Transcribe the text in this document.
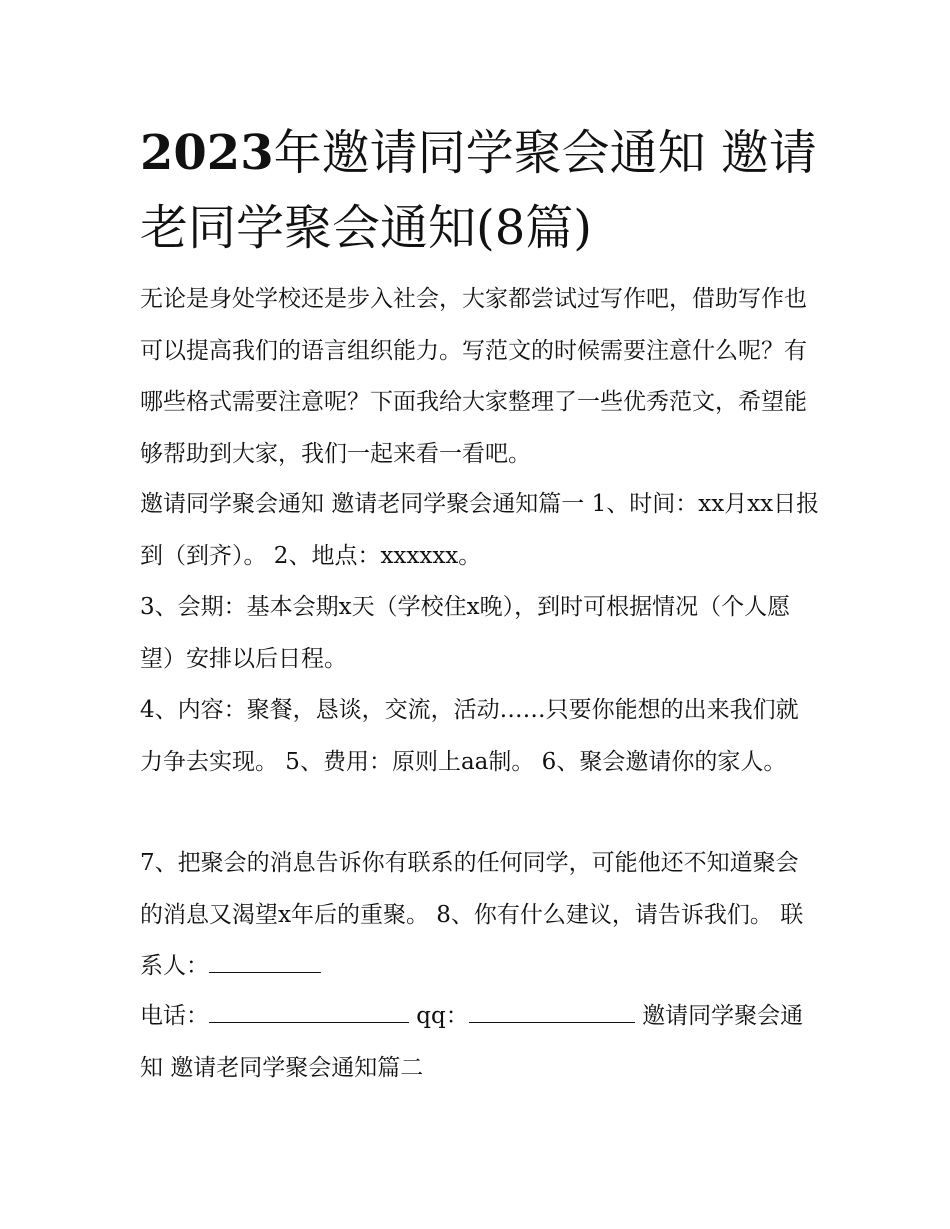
2023年邀请同学聚会通知 邀请老同学聚会通知(8篇)

无论是身处学校还是步入社会，大家都尝试过写作吧，借助写作也可以提高我们的语言组织能力。写范文的时候需要注意什么呢？有哪些格式需要注意呢？下面我给大家整理了一些优秀范文，希望能够帮助到大家，我们一起来看一看吧。

邀请同学聚会通知 邀请老同学聚会通知篇一 1、时间：xx月xx日报到（到齐）。 2、地点：xxxxxx。

3、会期：基本会期x天（学校住x晚），到时可根据情况（个人愿望）安排以后日程。

4、内容：聚餐，恳谈，交流，活动……只要你能想的出来我们就力争去实现。 5、费用：原则上aa制。 6、聚会邀请你的家人。

7、把聚会的消息告诉你有联系的任何同学，可能他还不知道聚会的消息又渴望x年后的重聚。 8、你有什么建议，请告诉我们。 联系人：

电话：	qq：	邀请同学聚会通知 邀请老同学聚会通知篇二
